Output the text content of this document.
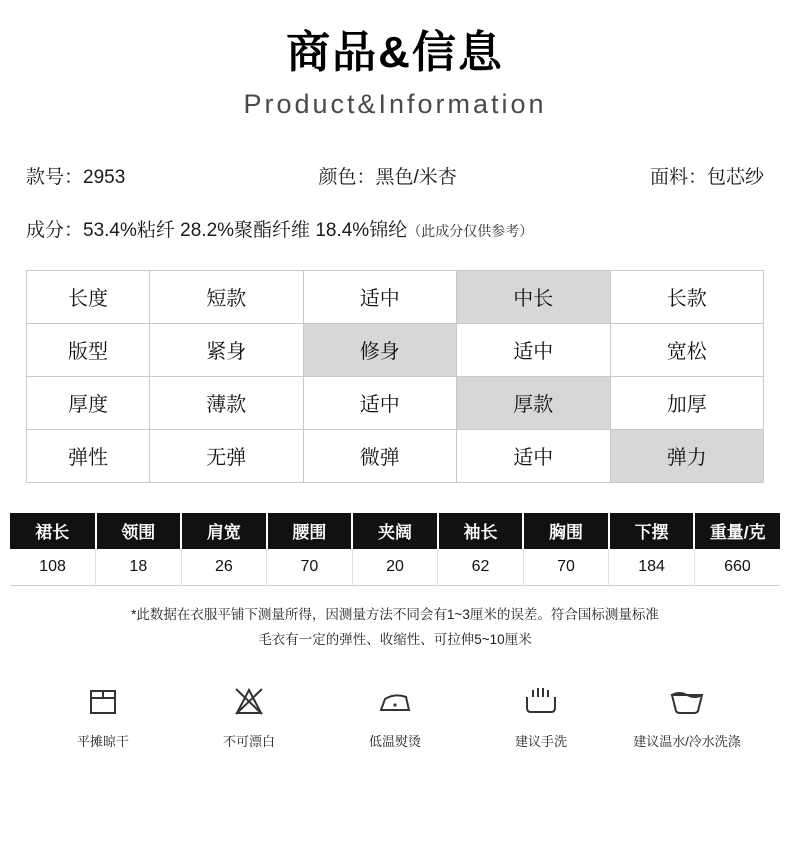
商品&信息
Product&Information
款号：2953	颜色：黑色/米杏	面料：包芯纱
成分：53.4%粘纤 28.2%聚酯纤维 18.4%锦纶（此成分仅供参考）
长度	短款	适中	中长	长款
版型	紧身	修身	适中	宽松
厚度	薄款	适中	厚款	加厚
弹性	无弹	微弹	适中	弹力
裙长	领围	肩宽	腰围	夹阔	袖长	胸围	下摆	重量/克
108	18	26	70	20	62	70	184	660
*此数据在衣服平铺下测量所得，因测量方法不同会有1~3厘米的误差。符合国标测量标准
毛衣有一定的弹性、收缩性、可拉伸5~10厘米
平摊晾干	不可漂白	低温熨烫	建议手洗	建议温水/冷水洗涤
